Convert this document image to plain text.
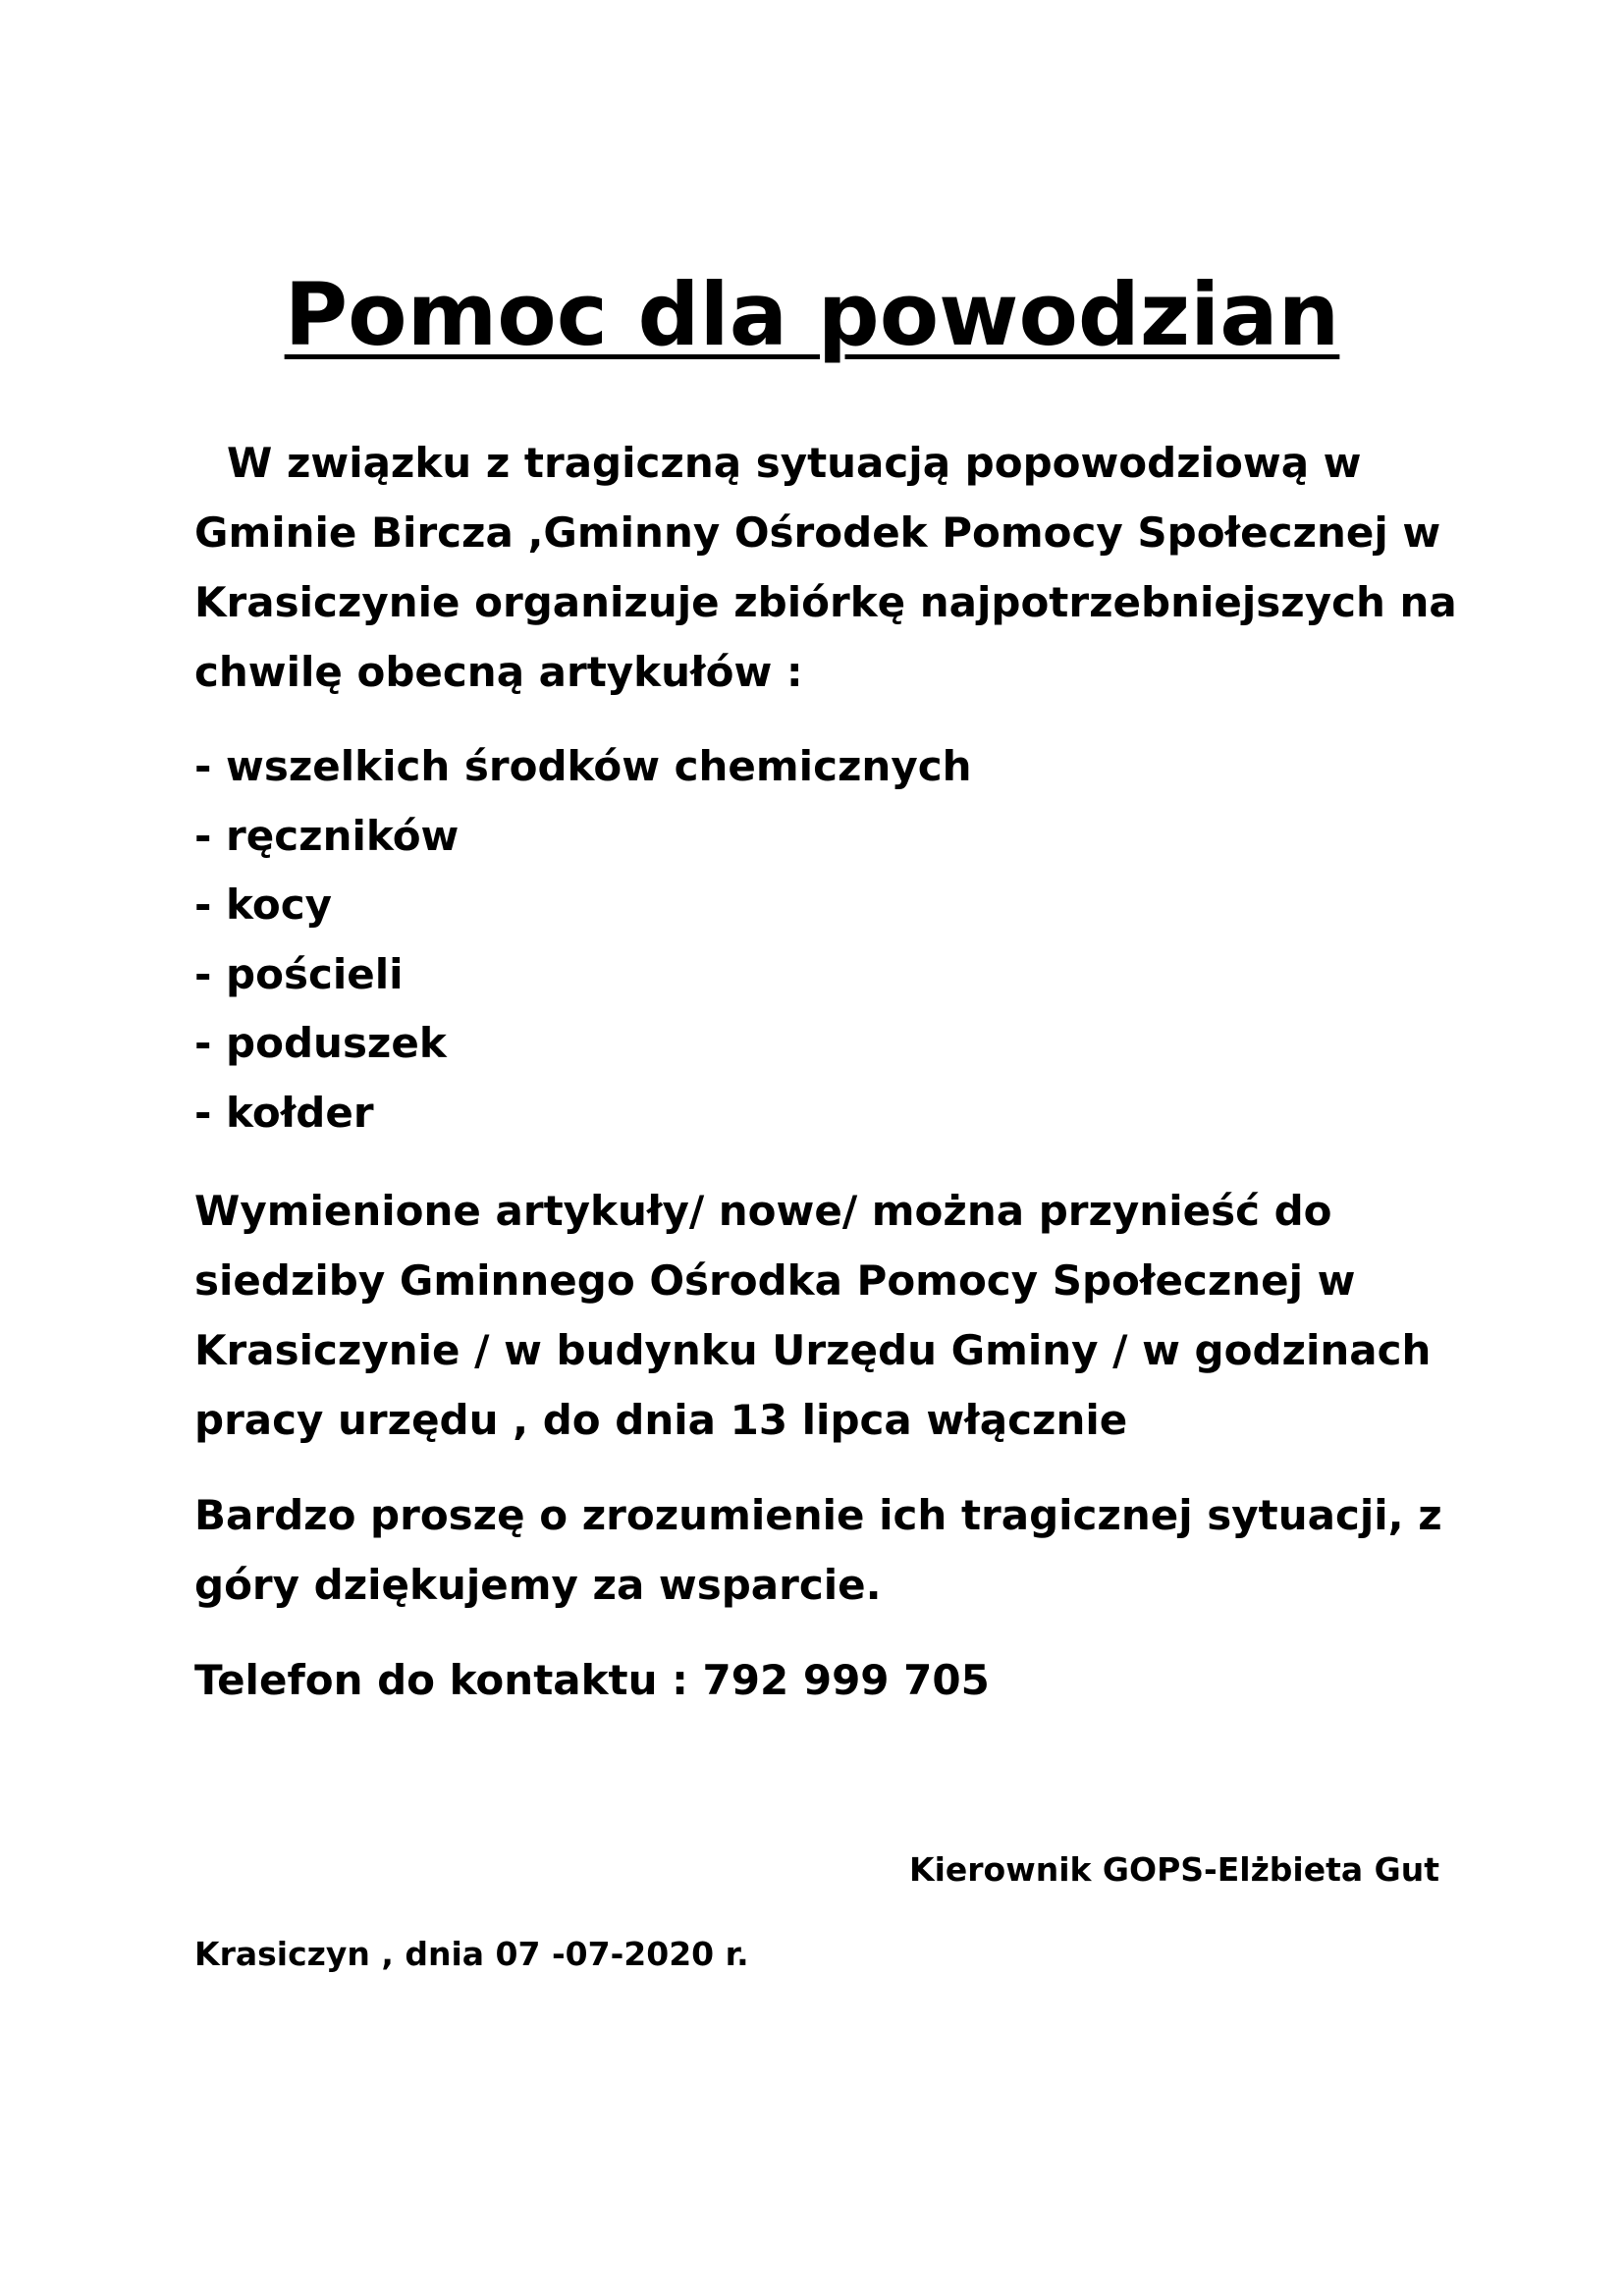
Pomoc dla powodzian

W związku z tragiczną sytuacją popowodziową w Gminie Bircza ,Gminny Ośrodek Pomocy Społecznej w Krasiczynie organizuje zbiórkę najpotrzebniejszych na chwilę obecną artykułów :

- wszelkich środków chemicznych
- ręczników
- kocy
- pościeli
- poduszek
- kołder

Wymienione artykuły/ nowe/ można przynieść do siedziby Gminnego Ośrodka Pomocy Społecznej w Krasiczynie / w budynku Urzędu Gminy / w godzinach pracy urzędu , do dnia 13 lipca włącznie

Bardzo proszę o zrozumienie ich tragicznej sytuacji, z góry dziękujemy za wsparcie.

Telefon do kontaktu : 792 999 705

Kierownik GOPS-Elżbieta Gut

Krasiczyn , dnia 07 -07-2020 r.
